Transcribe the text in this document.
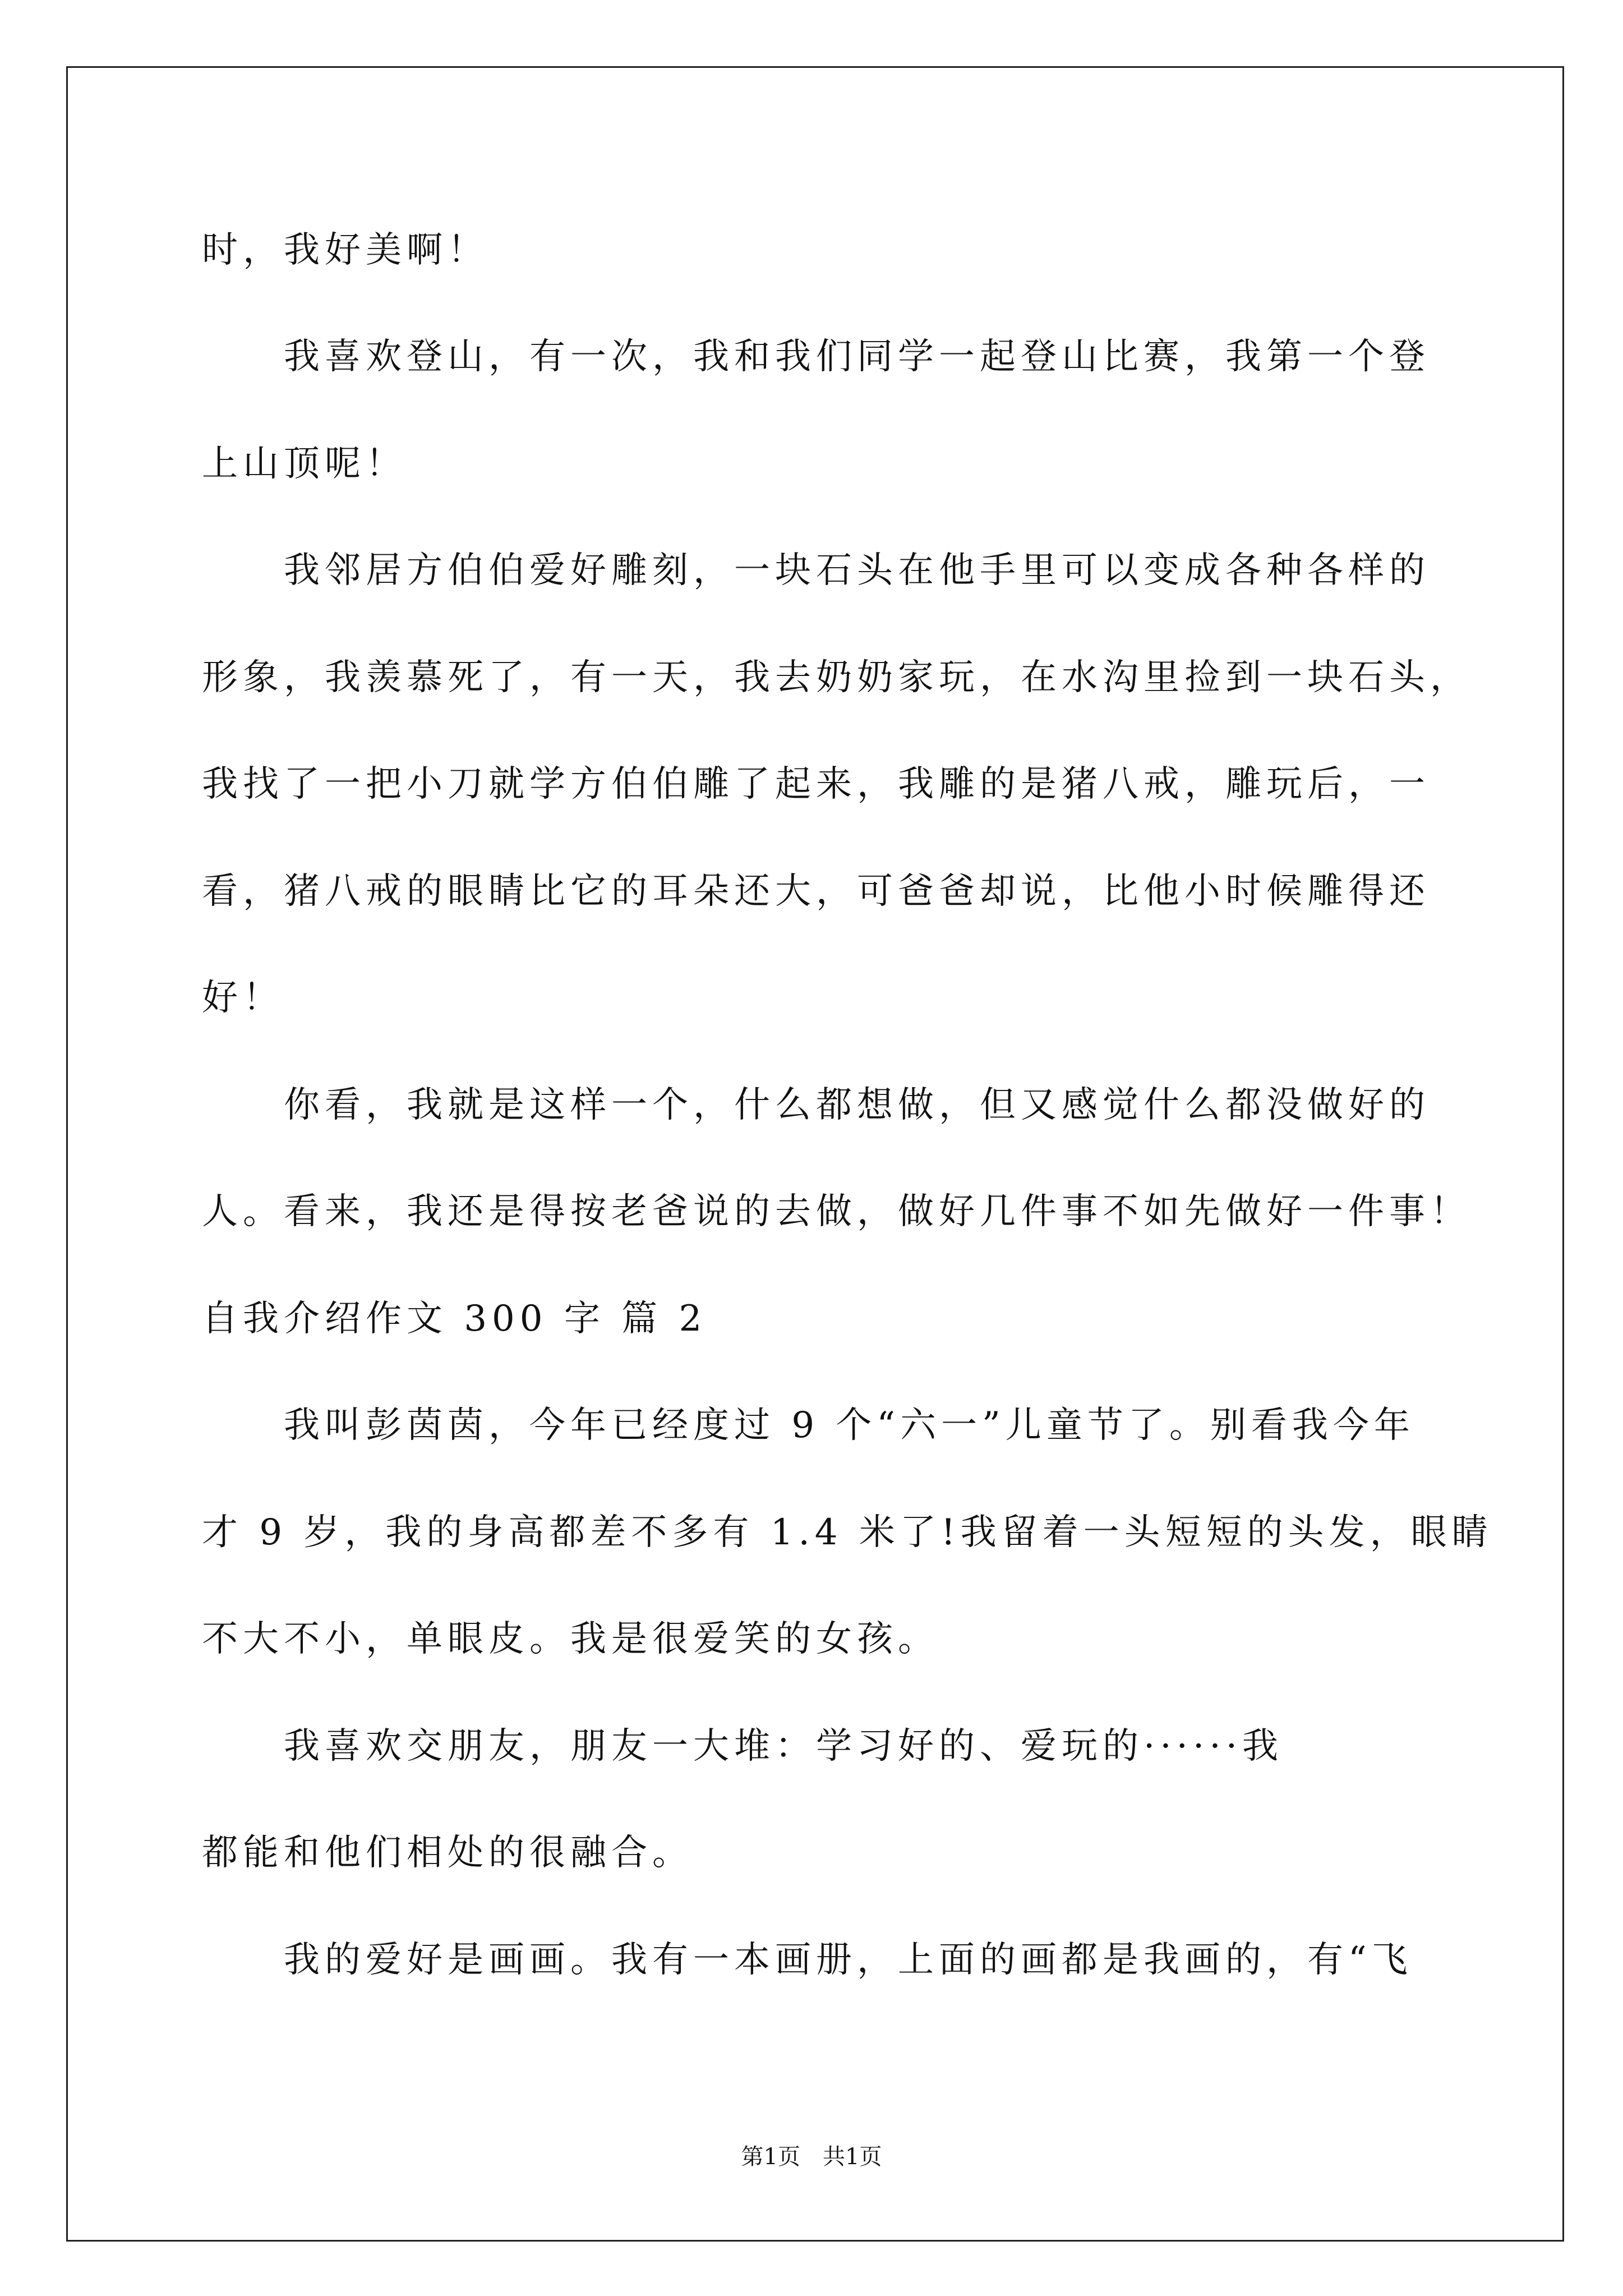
时，我好美啊！
我喜欢登山，有一次，我和我们同学一起登山比赛，我第一个登
上山顶呢！
我邻居方伯伯爱好雕刻，一块石头在他手里可以变成各种各样的
形象，我羡慕死了，有一天，我去奶奶家玩，在水沟里捡到一块石头，
我找了一把小刀就学方伯伯雕了起来，我雕的是猪八戒，雕玩后，一
看，猪八戒的眼睛比它的耳朵还大，可爸爸却说，比他小时候雕得还
好！
你看，我就是这样一个，什么都想做，但又感觉什么都没做好的
人。看来，我还是得按老爸说的去做，做好几件事不如先做好一件事！
自我介绍作文 300 字 篇 2
我叫彭茵茵，今年已经度过 9 个“六一”儿童节了。别看我今年
才 9 岁，我的身高都差不多有 1.4 米了!我留着一头短短的头发，眼睛
不大不小，单眼皮。我是很爱笑的女孩。
我喜欢交朋友，朋友一大堆：学习好的、爱玩的······我
都能和他们相处的很融合。
我的爱好是画画。我有一本画册，上面的画都是我画的，有“飞
第1页　共1页
